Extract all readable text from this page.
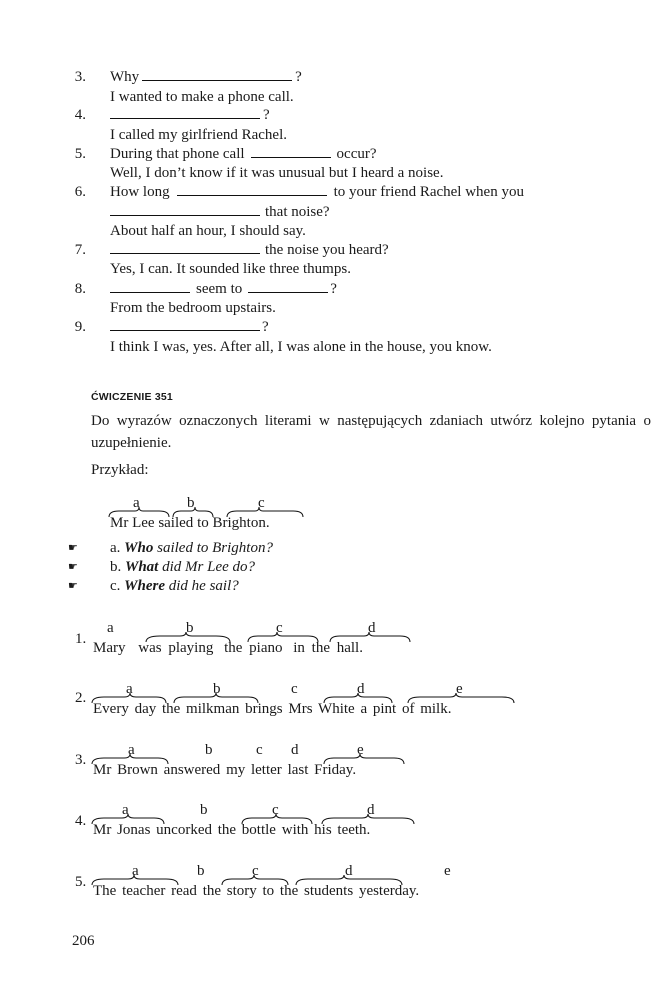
3. Why	?
I wanted to make a phone call.
4.	?
I called my girlfriend Rachel.
5. During that phone call	occur?
Well, I don’t know if it was unusual but I heard a noise.
6. How long	to your friend Rachel when you
that noise?
About half an hour, I should say.
7.	the noise you heard?
Yes, I can. It sounded like three thumps.
8.	seem to	?
From the bedroom upstairs.
9.	?
I think I was, yes. After all, I was alone in the house, you know.
ĆWICZENIE 351
Do wyrazów oznaczonych literami w następujących zdaniach utwórz kolejno pytania o uzupełnienie.
Przykład:
a	b	c
Mr Lee sailed to Brighton.
☛ a. Who sailed to Brighton?
☛ b. What did Mr Lee do?
☛ c. Where did he sail?
1.
a	b	c	d
Mary was playing the piano in the hall.
2.
a	b	c	d	e
Every day the milkman brings Mrs White a pint of milk.
3.
a	b	c d	e
Mr Brown answered my letter last Friday.
4.
a	b	c	d
Mr Jonas uncorked the bottle with his teeth.
5.
a	b	c	d	e
The teacher read the story to the students yesterday.
206
